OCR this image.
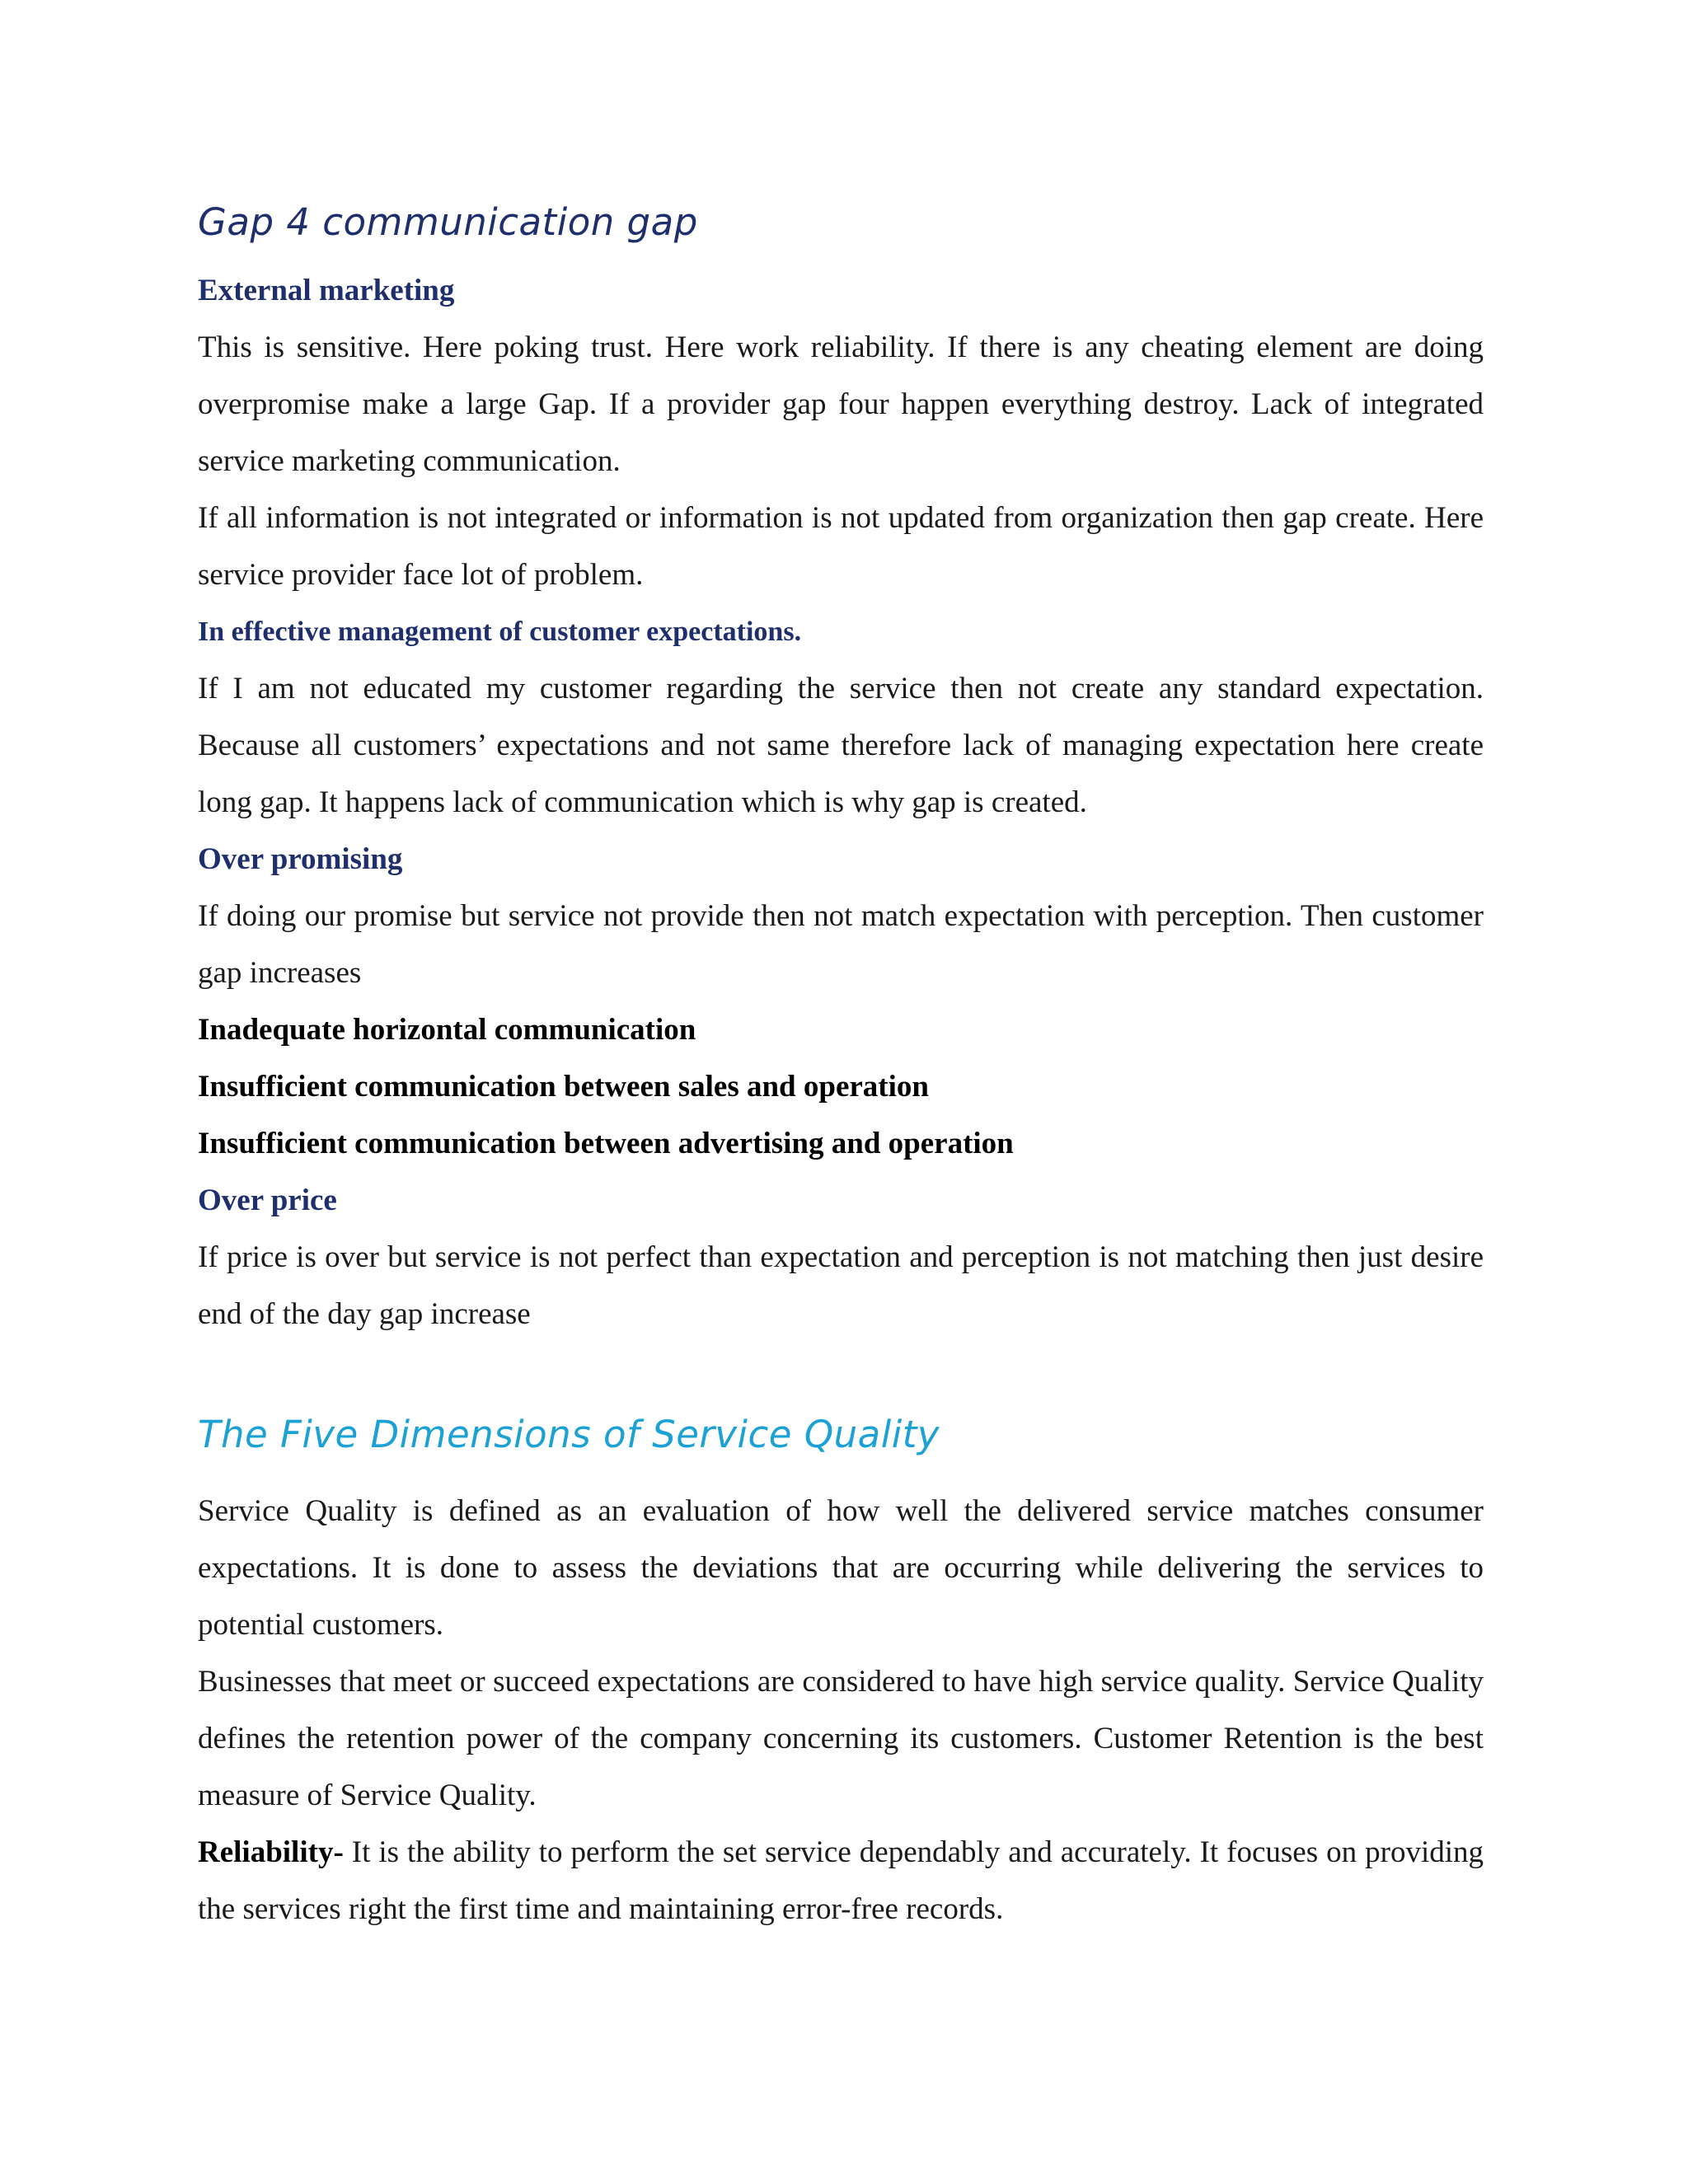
Gap 4 communication gap
External marketing

This is sensitive. Here poking trust. Here work reliability. If there is any cheating element are doing overpromise make a large Gap. If a provider gap four happen everything destroy. Lack of integrated service marketing communication.

If all information is not integrated or information is not updated from organization then gap create. Here service provider face lot of problem.

In effective management of customer expectations.

If I am not educated my customer regarding the service then not create any standard expectation. Because all customers’ expectations and not same therefore lack of managing expectation here create long gap. It happens lack of communication which is why gap is created.

Over promising

If doing our promise but service not provide then not match expectation with perception. Then customer gap increases

Inadequate horizontal communication
Insufficient communication between sales and operation
Insufficient communication between advertising and operation
Over price

If price is over but service is not perfect than expectation and perception is not matching then just desire end of the day gap increase

The Five Dimensions of Service Quality

Service Quality is defined as an evaluation of how well the delivered service matches consumer expectations. It is done to assess the deviations that are occurring while delivering the services to potential customers.

Businesses that meet or succeed expectations are considered to have high service quality. Service Quality defines the retention power of the company concerning its customers. Customer Retention is the best measure of Service Quality.

Reliability- It is the ability to perform the set service dependably and accurately. It focuses on providing the services right the first time and maintaining error-free records.
